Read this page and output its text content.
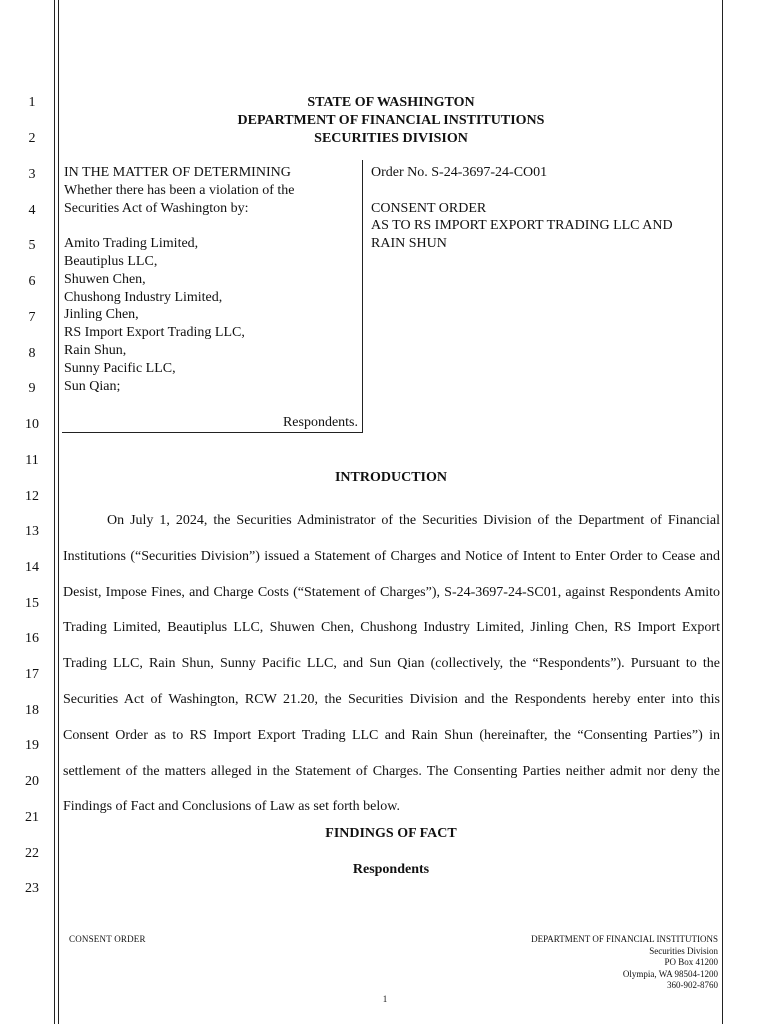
1
2
3
4
5
6
7
8
9
10
11
12
13
14
15
16
17
18
19
20
21
22
23
STATE OF WASHINGTON
DEPARTMENT OF FINANCIAL INSTITUTIONS
SECURITIES DIVISION
IN THE MATTER OF DETERMINING
Whether there has been a violation of the
Securities Act of Washington by:
Amito Trading Limited,
Beautiplus LLC,
Shuwen Chen,
Chushong Industry Limited,
Jinling Chen,
RS Import Export Trading LLC,
Rain Shun,
Sunny Pacific LLC,
Sun Qian;
Respondents.
Order No. S-24-3697-24-CO01
CONSENT ORDER
AS TO RS IMPORT EXPORT TRADING LLC AND
RAIN SHUN
INTRODUCTION

On July 1, 2024, the Securities Administrator of the Securities Division of the Department of Financial Institutions (“Securities Division”) issued a Statement of Charges and Notice of Intent to Enter Order to Cease and Desist, Impose Fines, and Charge Costs (“Statement of Charges”), S-24-3697-24-SC01, against Respondents Amito Trading Limited, Beautiplus LLC, Shuwen Chen, Chushong Industry Limited, Jinling Chen, RS Import Export Trading LLC, Rain Shun, Sunny Pacific LLC, and Sun Qian (collectively, the “Respondents”). Pursuant to the Securities Act of Washington, RCW 21.20, the Securities Division and the Respondents hereby enter into this Consent Order as to RS Import Export Trading LLC and Rain Shun (hereinafter, the “Consenting Parties”) in settlement of the matters alleged in the Statement of Charges. The Consenting Parties neither admit nor deny the Findings of Fact and Conclusions of Law as set forth below.

FINDINGS OF FACT
Respondents
CONSENT ORDER	DEPARTMENT OF FINANCIAL INSTITUTIONS
Securities Division
PO Box 41200
Olympia, WA 98504-1200
360-902-8760
1
